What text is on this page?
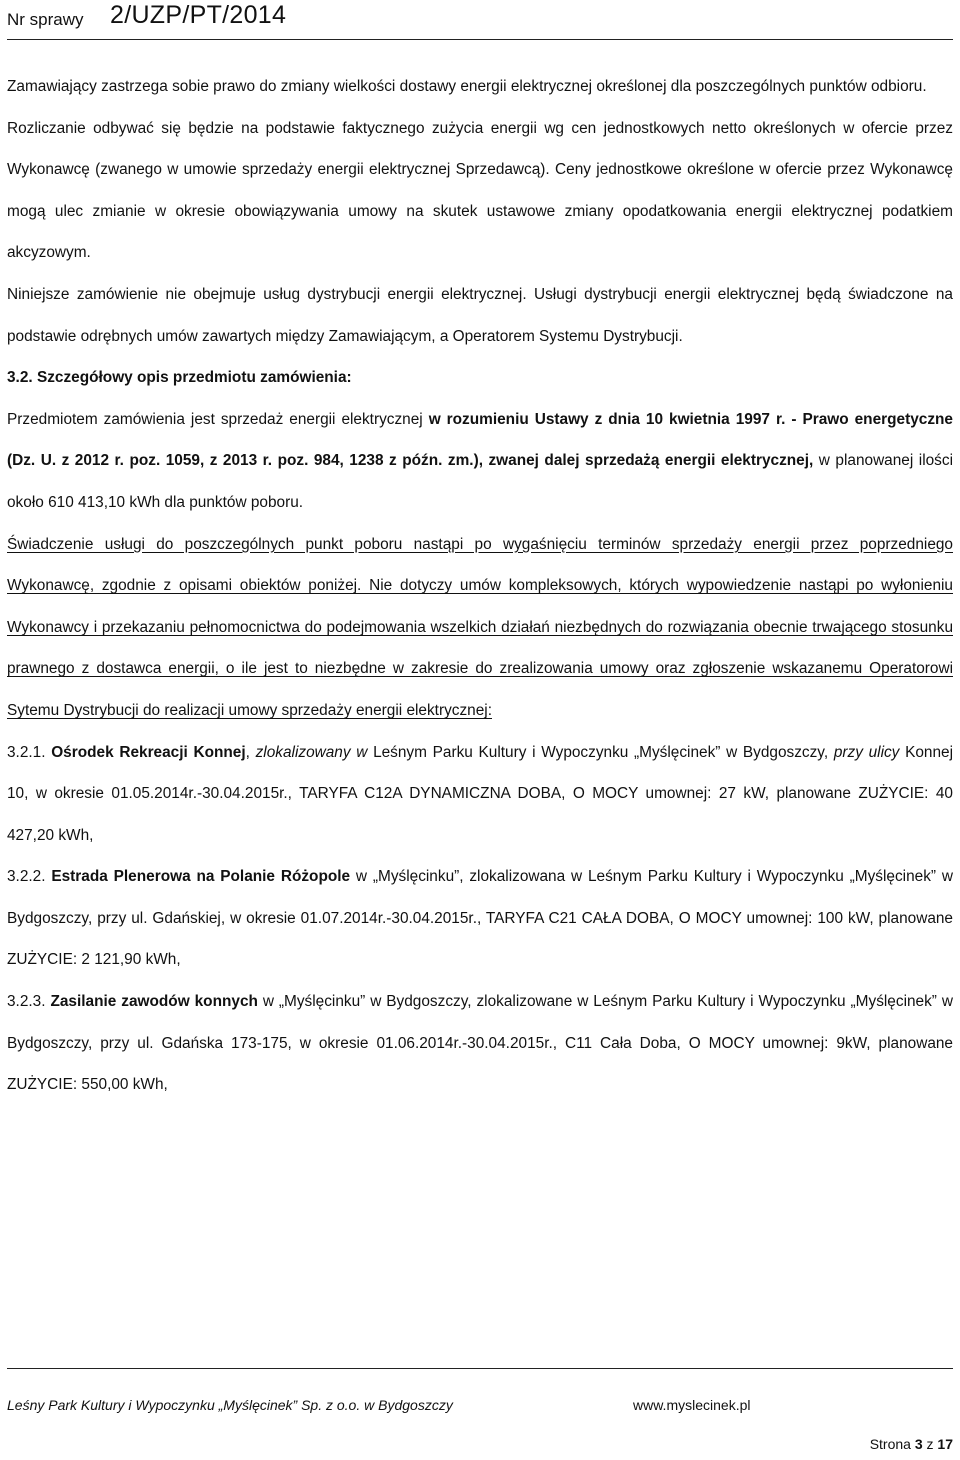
Nr sprawy 2/UZP/PT/2014

Zamawiający zastrzega sobie prawo do zmiany wielkości dostawy energii elektrycznej określonej dla poszczególnych punktów odbioru.

Rozliczanie odbywać się będzie na podstawie faktycznego zużycia energii wg cen jednostkowych netto określonych w ofercie przez Wykonawcę (zwanego w umowie sprzedaży energii elektrycznej Sprzedawcą). Ceny jednostkowe określone w ofercie przez Wykonawcę mogą ulec zmianie w okresie obowiązywania umowy na skutek ustawowe zmiany opodatkowania energii elektrycznej podatkiem akcyzowym.

Niniejsze zamówienie nie obejmuje usług dystrybucji energii elektrycznej. Usługi dystrybucji energii elektrycznej będą świadczone na podstawie odrębnych umów zawartych między Zamawiającym, a Operatorem Systemu Dystrybucji.

3.2. Szczegółowy opis przedmiotu zamówienia:

Przedmiotem zamówienia jest sprzedaż energii elektrycznej w rozumieniu Ustawy z dnia 10 kwietnia 1997 r. - Prawo energetyczne (Dz. U. z 2012 r. poz. 1059, z 2013 r. poz. 984, 1238 z późn. zm.), zwanej dalej sprzedażą energii elektrycznej, w planowanej ilości około 610 413,10 kWh dla punktów poboru.

Świadczenie usługi do poszczególnych punkt poboru nastąpi po wygaśnięciu terminów sprzedaży energii przez poprzedniego Wykonawcę, zgodnie z opisami obiektów poniżej. Nie dotyczy umów kompleksowych, których wypowiedzenie nastąpi po wyłonieniu Wykonawcy i przekazaniu pełnomocnictwa do podejmowania wszelkich działań niezbędnych do rozwiązania obecnie trwającego stosunku prawnego z dostawca energii, o ile jest to niezbędne w zakresie do zrealizowania umowy oraz zgłoszenie wskazanemu Operatorowi Sytemu Dystrybucji do realizacji umowy sprzedaży energii elektrycznej:

3.2.1. Ośrodek Rekreacji Konnej, zlokalizowany w Leśnym Parku Kultury i Wypoczynku „Myślęcinek” w Bydgoszczy, przy ulicy Konnej 10, w okresie 01.05.2014r.-30.04.2015r., TARYFA C12A DYNAMICZNA DOBA, O MOCY umownej: 27 kW, planowane ZUŻYCIE: 40 427,20 kWh,

3.2.2. Estrada Plenerowa na Polanie Różopole w „Myślęcinku”, zlokalizowana w Leśnym Parku Kultury i Wypoczynku „Myślęcinek” w Bydgoszczy, przy ul. Gdańskiej, w okresie 01.07.2014r.-30.04.2015r., TARYFA C21 CAŁA DOBA, O MOCY umownej: 100 kW, planowane ZUŻYCIE: 2 121,90 kWh,

3.2.3. Zasilanie zawodów konnych w „Myślęcinku” w Bydgoszczy, zlokalizowane w Leśnym Parku Kultury i Wypoczynku „Myślęcinek” w Bydgoszczy, przy ul. Gdańska 173-175, w okresie 01.06.2014r.-30.04.2015r., C11 Cała Doba, O MOCY umownej: 9kW, planowane ZUŻYCIE: 550,00 kWh,

Leśny Park Kultury i Wypoczynku „Myślęcinek” Sp. z o.o. w Bydgoszczy	www.myslecinek.pl
Strona 3 z 17
